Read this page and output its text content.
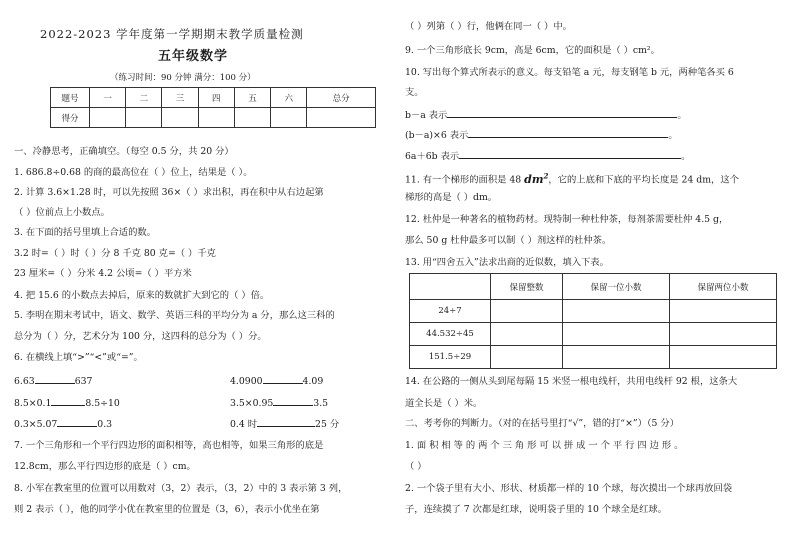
2022-2023 学年度第一学期期末教学质量检测
五年级数学
（练习时间：90 分钟 满分：100 分）
题号	一	二	三	四	五	六	总分
得分							
一、冷静思考，正确填空。（每空 0.5 分，共 20 分）
1. 686.8÷0.68 的商的最高位在（ ）位上，结果是（ ）。
2. 计算 3.6×1.28 时，可以先按照 36×（ ）求出积，再在积中从右边起第
（ ）位前点上小数点。
3. 在下面的括号里填上合适的数。
3.2 时=（ ）时（ ）分 8 千克 80 克=（ ）千克
23 厘米=（ ）分米 4.2 公顷=（ ）平方米
4. 把 15.6 的小数点去掉后，原来的数就扩大到它的（ ）倍。
5. 李明在期末考试中，语文、数学、英语三科的平均分为 a 分，那么这三科的
总分为（ ）分，艺术分为 100 分，这四科的总分为（ ）分。
6. 在横线上填“>”“<”或“=”。
6.63	637	4.0900	4.09
8.5×0.1	8.5÷10	3.5×0.95	3.5
0.3×5.07	0.3	0.4 时	25 分
7. 一个三角形和一个平行四边形的面积相等，高也相等，如果三角形的底是
12.8cm，那么平行四边形的底是（ ）cm。
8. 小军在教室里的位置可以用数对（3，2）表示，（3，2）中的 3 表示第 3 列，
则 2 表示（ ），他的同学小优在教室里的位置是（3，6），表示小优坐在第
（ ）列第（ ）行，他俩在同一（ ）中。
9. 一个三角形底长 9cm，高是 6cm，它的面积是（ ）cm²。
10. 写出每个算式所表示的意义。每支铅笔 a 元，每支钢笔 b 元，两种笔各买 6
支。
b－a 表示	。
(b－a)×6 表示	。
6a＋6b 表示	。
11. 有一个梯形的面积是 48 $dm^2$，它的上底和下底的平均长度是 24 dm，这个
梯形的高是（ ）dm。
12. 杜仲是一种著名的植物药材。现特制一种杜仲茶，每剂茶需要杜仲 4.5 g，
那么 50 g 杜仲最多可以制（ ）剂这样的杜仲茶。
13. 用“四舍五入”法求出商的近似数，填入下表。
	保留整数	保留一位小数	保留两位小数
24÷7			
44.532÷45			
151.5÷29			
14. 在公路的一侧从头到尾每隔 15 米竖一根电线杆，共用电线杆 92 根，这条大
道全长是（ ）米。
二、考考你的判断力。（对的在括号里打“√”，错的打“×”）（5 分）
1. 面 积 相 等 的 两 个 三 角 形 可 以 拼 成 一 个 平 行 四 边 形 。
（ ）
2. 一个袋子里有大小、形状、材质都一样的 10 个球，每次摸出一个球再放回袋
子，连续摸了 7 次都是红球，说明袋子里的 10 个球全是红球。
